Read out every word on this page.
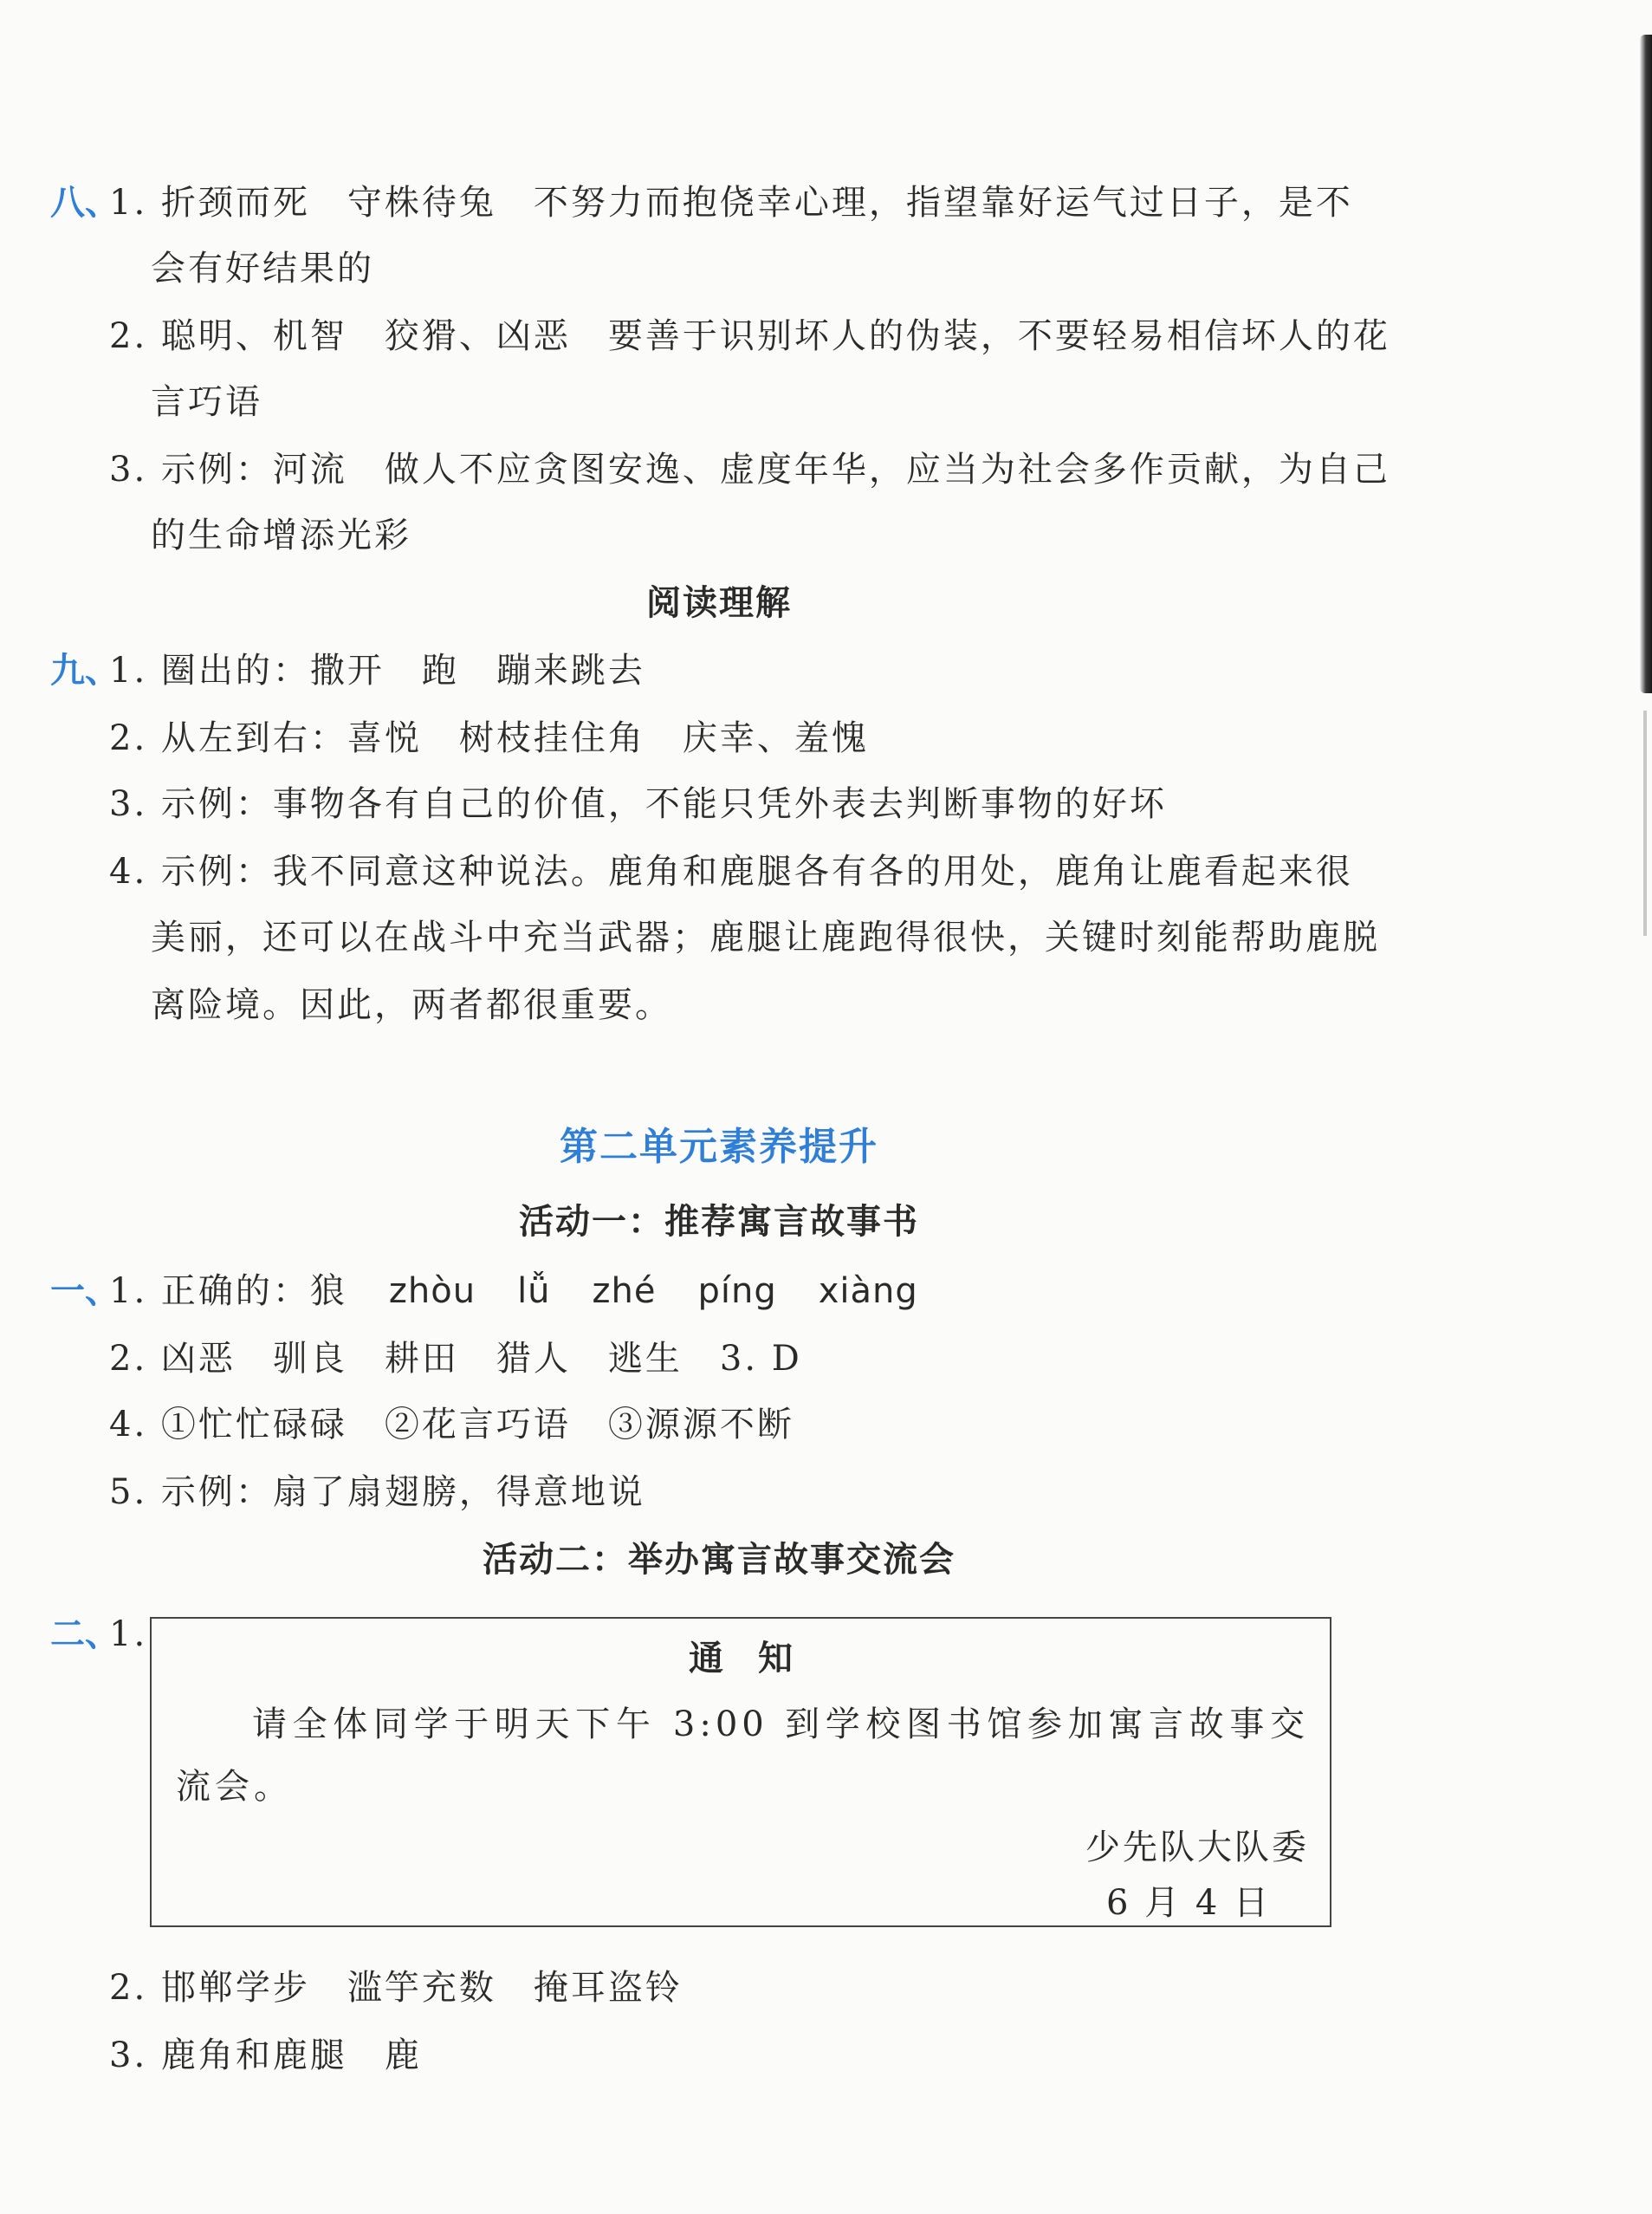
八、
1. 折颈而死　守株待兔　不努力而抱侥幸心理，指望靠好运气过日子，是不
会有好结果的
2. 聪明、机智　狡猾、凶恶　要善于识别坏人的伪装，不要轻易相信坏人的花
言巧语
3. 示例：河流　做人不应贪图安逸、虚度年华，应当为社会多作贡献，为自己
的生命增添光彩
阅读理解
九、
1. 圈出的：撒开　跑　蹦来跳去
2. 从左到右：喜悦　树枝挂住角　庆幸、羞愧
3. 示例：事物各有自己的价值，不能只凭外表去判断事物的好坏
4. 示例：我不同意这种说法。鹿角和鹿腿各有各的用处，鹿角让鹿看起来很
美丽，还可以在战斗中充当武器；鹿腿让鹿跑得很快，关键时刻能帮助鹿脱
离险境。因此，两者都很重要。
第二单元素养提升
活动一：推荐寓言故事书
一、
1. 正确的：狼 zhòu lǚ zhé píng xiàng
2. 凶恶　驯良　耕田　猎人　逃生　3. D
4. ①忙忙碌碌　②花言巧语　③源源不断
5. 示例：扇了扇翅膀，得意地说
活动二：举办寓言故事交流会
二、
1.
通知
请全体同学于明天下午 3:00 到学校图书馆参加寓言故事交流会。
少先队大队委
6 月 4 日
2. 邯郸学步　滥竽充数　掩耳盗铃
3. 鹿角和鹿腿　鹿
